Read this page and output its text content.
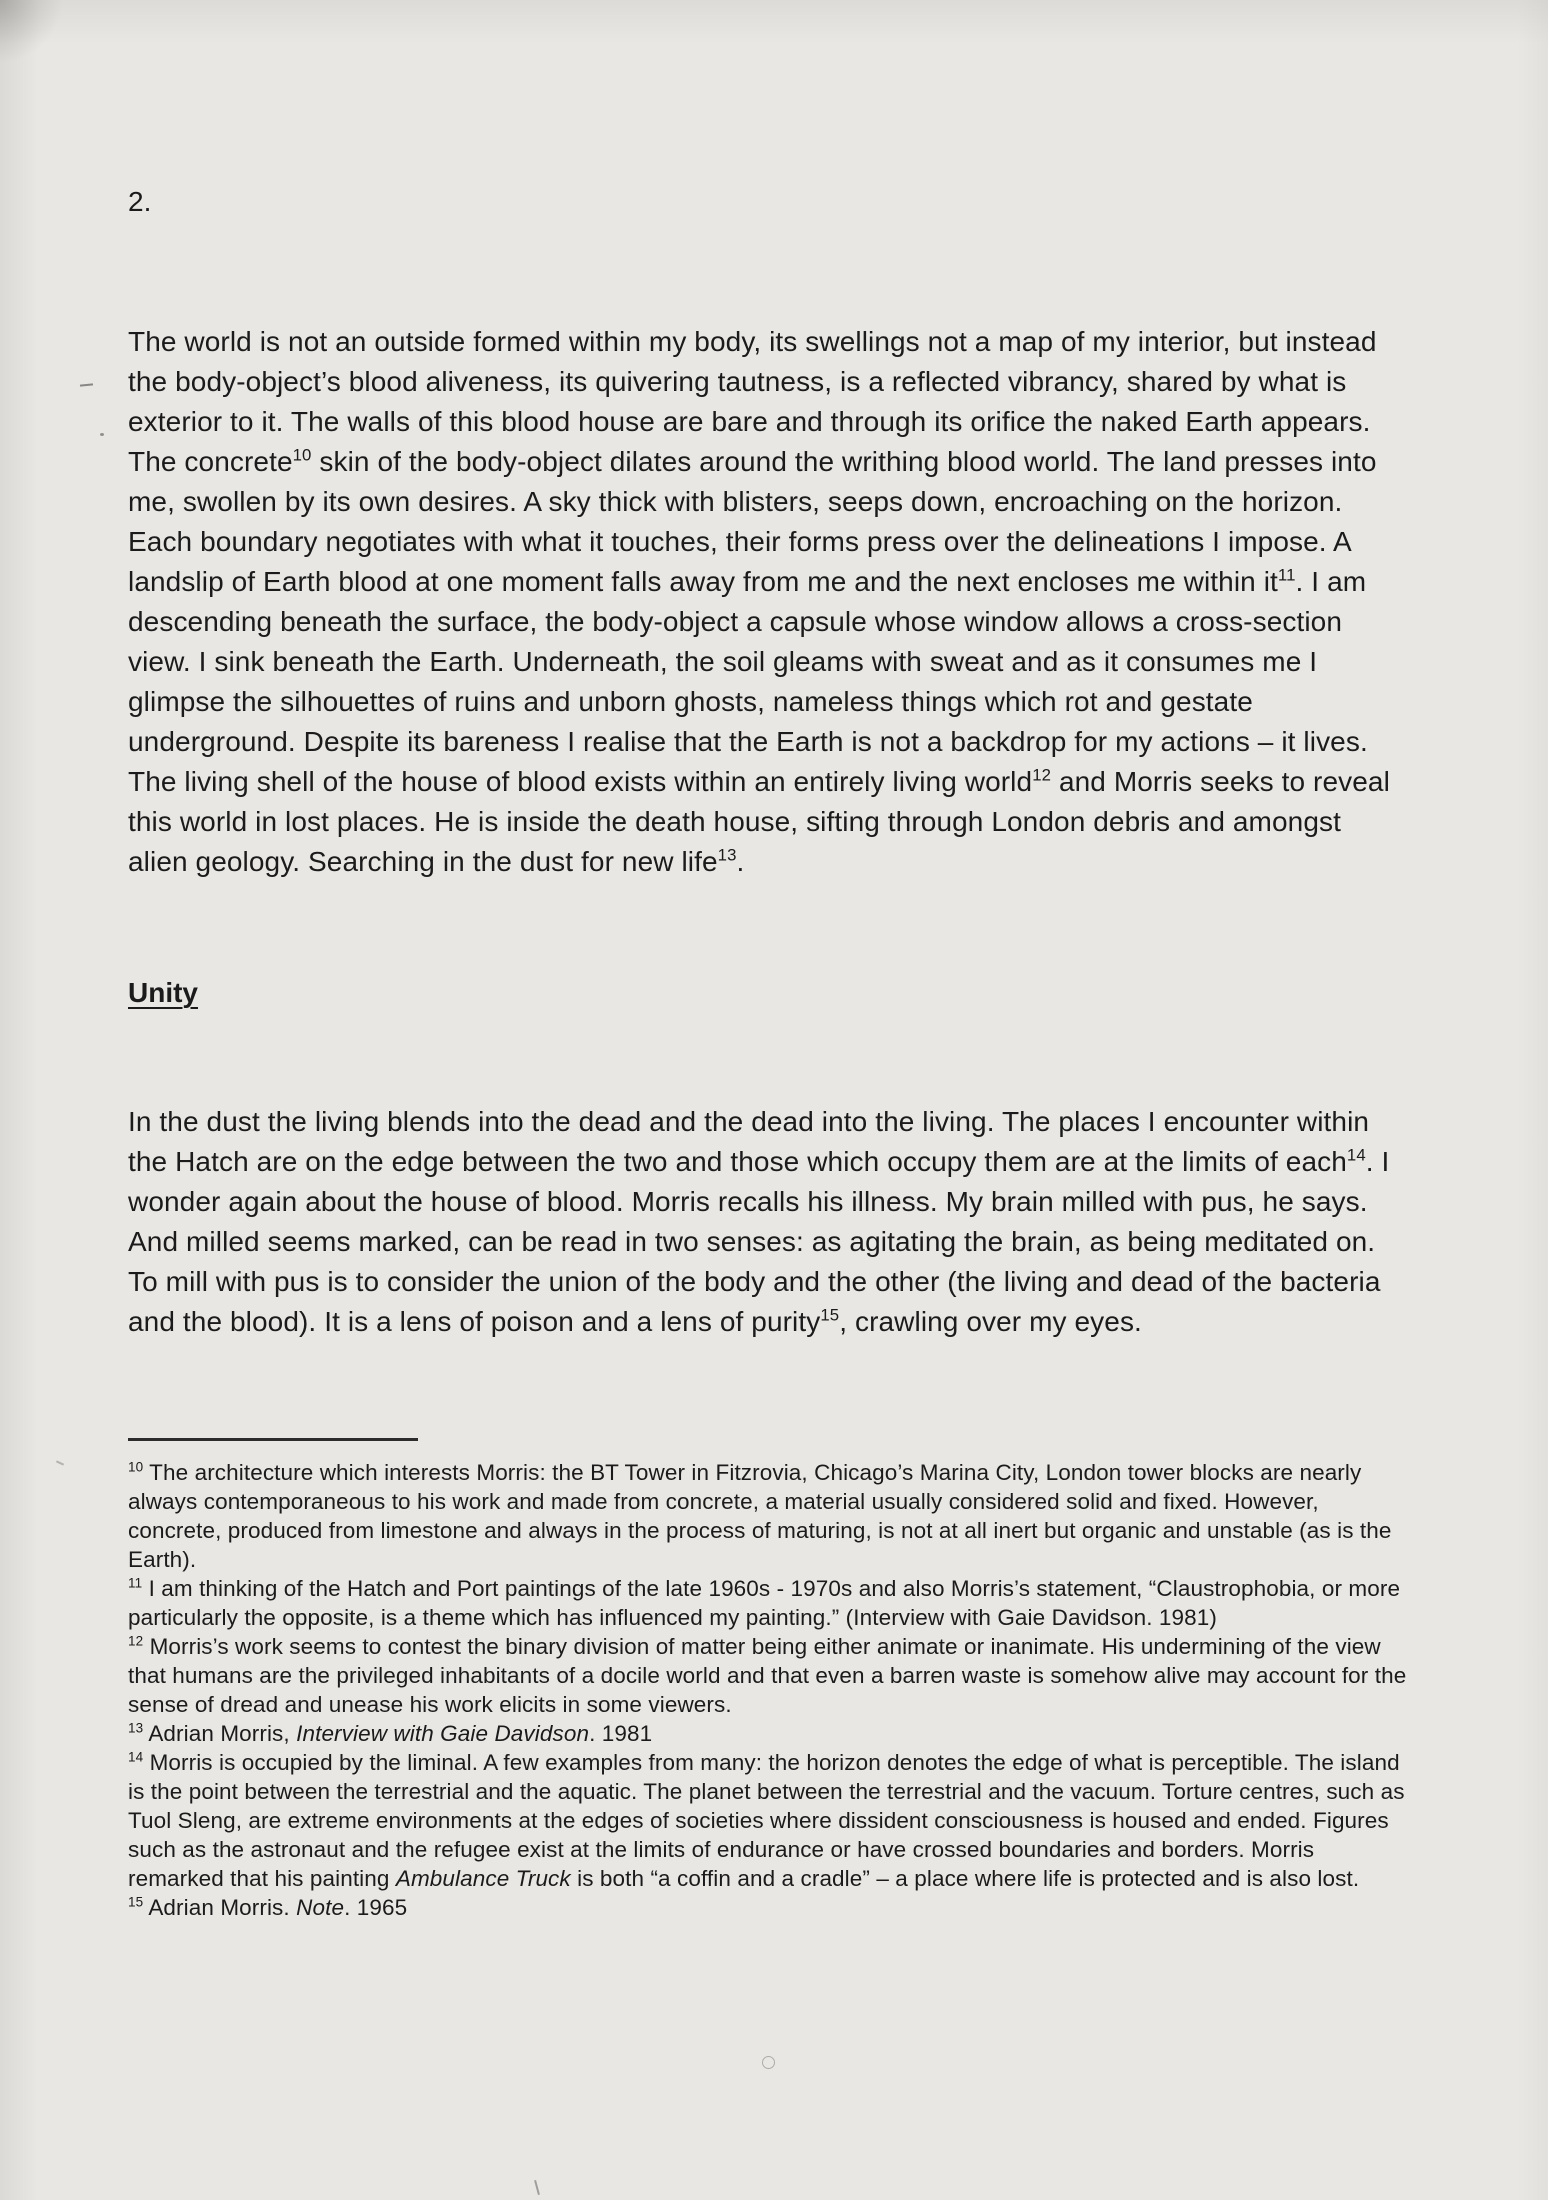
2.

The world is not an outside formed within my body, its swellings not a map of my interior, but instead the body-object’s blood aliveness, its quivering tautness, is a reflected vibrancy, shared by what is exterior to it. The walls of this blood house are bare and through its orifice the naked Earth appears. The concrete$^{10}$ skin of the body-object dilates around the writhing blood world. The land presses into me, swollen by its own desires. A sky thick with blisters, seeps down, encroaching on the horizon. Each boundary negotiates with what it touches, their forms press over the delineations I impose. A landslip of Earth blood at one moment falls away from me and the next encloses me within $it^{11}$. I am descending beneath the surface, the body-object a capsule whose window allows a cross-section view. I sink beneath the Earth. Underneath, the soil gleams with sweat and as it consumes me I glimpse the silhouettes of ruins and unborn ghosts, nameless things which rot and gestate underground. Despite its bareness I realise that the Earth is not a backdrop for my actions – it lives. The living shell of the house of blood exists within an entirely living world$^{12}$ and Morris seeks to reveal this world in lost places. He is inside the death house, sifting through London debris and amongst alien geology. Searching in the dust for new life$^{13}$.

Unity

In the dust the living blends into the dead and the dead into the living. The places I encounter within the Hatch are on the edge between the two and those which occupy them are at the limits of each$^{14}$. I wonder again about the house of blood. Morris recalls his illness. My brain milled with pus, he says. And milled seems marked, can be read in two senses: as agitating the brain, as being meditated on. To mill with pus is to consider the union of the body and the other (the living and dead of the bacteria and the blood). It is a lens of poison and a lens of purity$^{15}$, crawling over my eyes.

$^{10}$ The architecture which interests Morris: the BT Tower in Fitzrovia, Chicago’s Marina City, London tower blocks are nearly always contemporaneous to his work and made from concrete, a material usually considered solid and fixed. However, concrete, produced from limestone and always in the process of maturing, is not at all inert but organic and unstable (as is the Earth).

$^{11}$ I am thinking of the Hatch and Port paintings of the late 1960s - 1970s and also Morris’s statement, “Claustrophobia, or more particularly the opposite, is a theme which has influenced my painting.” (Interview with Gaie Davidson. 1981)

$^{12}$ Morris’s work seems to contest the binary division of matter being either animate or inanimate. His undermining of the view that humans are the privileged inhabitants of a docile world and that even a barren waste is somehow alive may account for the sense of dread and unease his work elicits in some viewers.

$^{13}$ Adrian Morris, Interview with Gaie Davidson. 1981

$^{14}$ Morris is occupied by the liminal. A few examples from many: the horizon denotes the edge of what is perceptible. The island is the point between the terrestrial and the aquatic. The planet between the terrestrial and the vacuum. Torture centres, such as Tuol Sleng, are extreme environments at the edges of societies where dissident consciousness is housed and ended. Figures such as the astronaut and the refugee exist at the limits of endurance or have crossed boundaries and borders. Morris remarked that his painting Ambulance Truck is both “a coffin and a cradle” – a place where life is protected and is also lost.

$^{15}$ Adrian Morris. Note. 1965
